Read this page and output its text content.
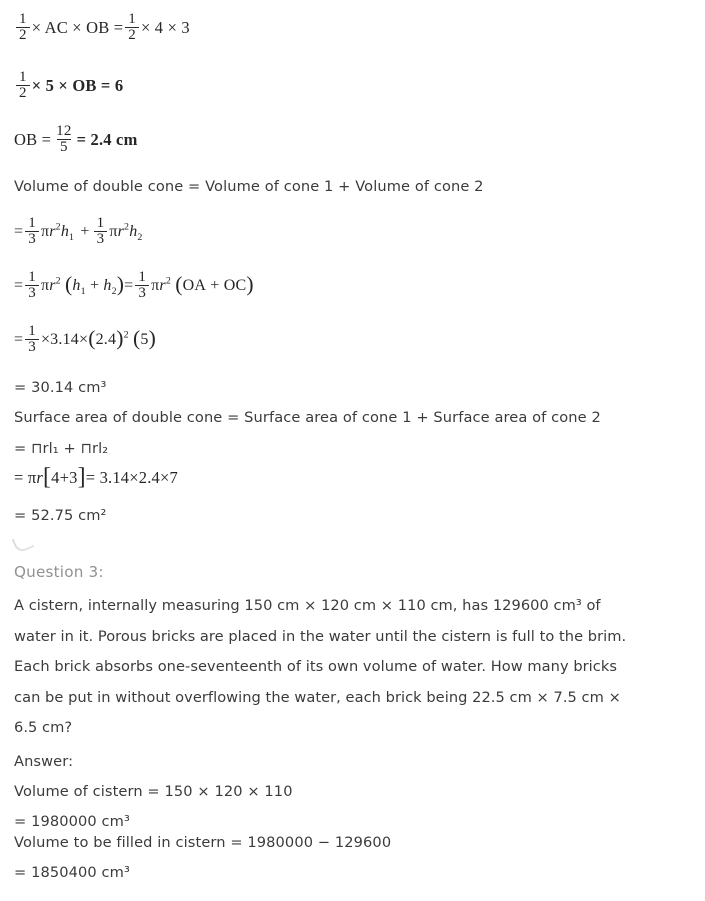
$\frac{1}{2}$ × AC × OB = $\frac{1}{2} \times 4 \times 3$
$\frac{1}{2} \times 5$ × OB = 6
OB = $\frac{12}{5} = 2.4$ cm
Volume of double cone = Volume of cone 1 + Volume of cone 2
= $\frac{1}{3} \pi r^2h_1 + \frac{1}{3} \pi r^2h_2$
= $\frac{1}{3} \pi r^2$ $(h_1 + h_2) = \frac{1}{3} \pi r^2$ (OA + OC)
= $\frac{1}{3} \times 3.14\times(2.4)^2$ (5)
= 30.14 cm³
Surface area of double cone = Surface area of cone 1 + Surface area of cone 2
= ⊓rl₁ + ⊓rl₂
= πr[4+3]= 3.14×2.4×7
= 52.75 cm²
Question 3:
A cistern, internally measuring 150 cm × 120 cm × 110 cm, has 129600 cm³ of
water in it. Porous bricks are placed in the water until the cistern is full to the brim.
Each brick absorbs one-seventeenth of its own volume of water. How many bricks
can be put in without overflowing the water, each brick being 22.5 cm × 7.5 cm ×
6.5 cm?
Answer:
Volume of cistern = 150 × 120 × 110
= 1980000 cm³
Volume to be filled in cistern = 1980000 − 129600
= 1850400 cm³
